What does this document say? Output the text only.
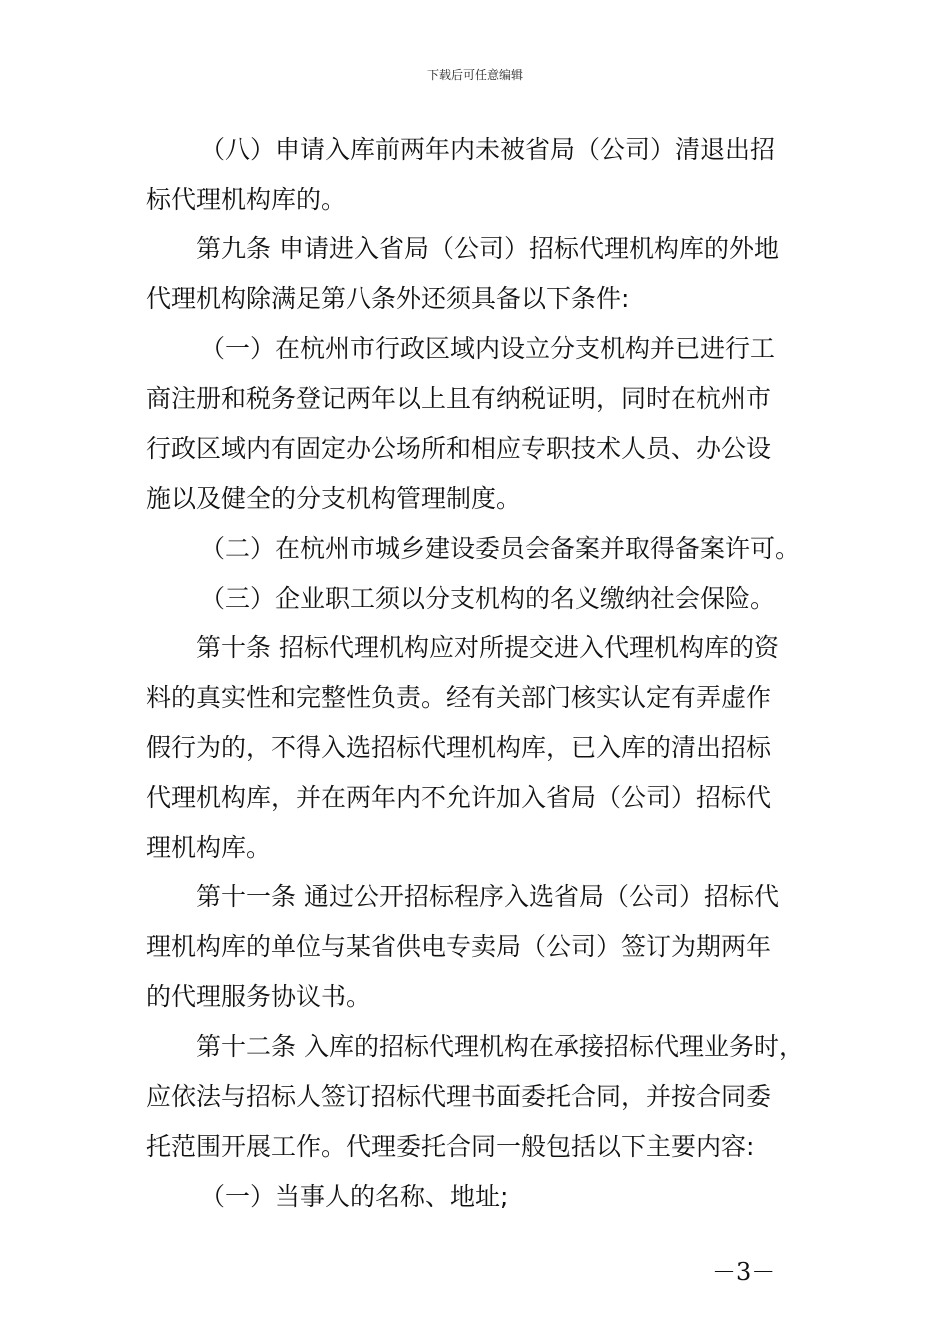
下载后可任意编辑
（八）申请入库前两年内未被省局（公司）清退出招
标代理机构库的。
第九条 申请进入省局（公司）招标代理机构库的外地
代理机构除满足第八条外还须具备以下条件:
（一）在杭州市行政区域内设立分支机构并已进行工
商注册和税务登记两年以上且有纳税证明，同时在杭州市
行政区域内有固定办公场所和相应专职技术人员、办公设
施以及健全的分支机构管理制度。
（二）在杭州市城乡建设委员会备案并取得备案许可。
（三）企业职工须以分支机构的名义缴纳社会保险。
第十条 招标代理机构应对所提交进入代理机构库的资
料的真实性和完整性负责。经有关部门核实认定有弄虚作
假行为的，不得入选招标代理机构库，已入库的清出招标
代理机构库，并在两年内不允许加入省局（公司）招标代
理机构库。
第十一条 通过公开招标程序入选省局（公司）招标代
理机构库的单位与某省供电专卖局（公司）签订为期两年
的代理服务协议书。
第十二条 入库的招标代理机构在承接招标代理业务时，
应依法与招标人签订招标代理书面委托合同，并按合同委
托范围开展工作。代理委托合同一般包括以下主要内容:
（一）当事人的名称、地址;
－3－
